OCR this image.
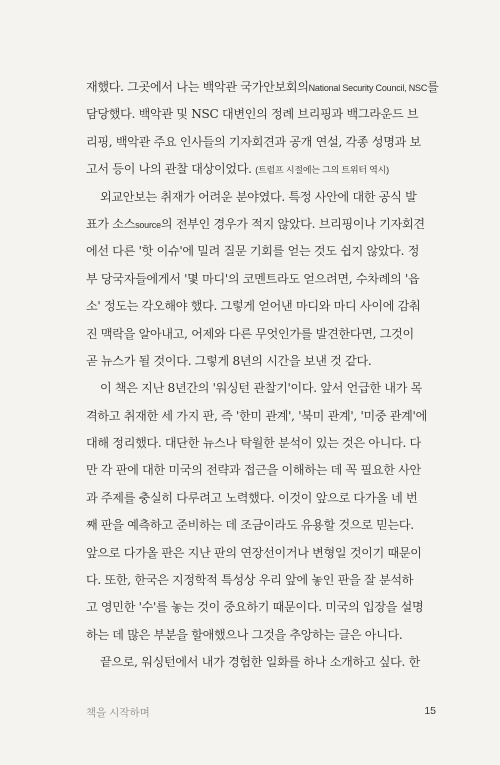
재했다. 그곳에서 나는 백악관 국가안보회의National Security Council, NSC를
담당했다. 백악관 및 NSC 대변인의 정례 브리핑과 백그라운드 브
리핑, 백악관 주요 인사들의 기자회견과 공개 연설, 각종 성명과 보
고서 등이 나의 관찰 대상이었다. (트럼프 시절에는 그의 트위터 역시)
외교안보는 취재가 어려운 분야였다. 특정 사안에 대한 공식 발
표가 소스source의 전부인 경우가 적지 않았다. 브리핑이나 기자회견
에선 다른 '핫 이슈'에 밀려 질문 기회를 얻는 것도 쉽지 않았다. 정
부 당국자들에게서 '몇 마디'의 코멘트라도 얻으려면, 수차례의 '읍
소' 정도는 각오해야 했다. 그렇게 얻어낸 마디와 마디 사이에 감춰
진 맥락을 알아내고, 어제와 다른 무엇인가를 발견한다면, 그것이
곧 뉴스가 될 것이다. 그렇게 8년의 시간을 보낸 것 같다.
이 책은 지난 8년간의 '워싱턴 관찰기'이다. 앞서 언급한 내가 목
격하고 취재한 세 가지 판, 즉 '한미 관계', '북미 관계', '미중 관계'에
대해 정리했다. 대단한 뉴스나 탁월한 분석이 있는 것은 아니다. 다
만 각 판에 대한 미국의 전략과 접근을 이해하는 데 꼭 필요한 사안
과 주제를 충실히 다루려고 노력했다. 이것이 앞으로 다가올 네 번
째 판을 예측하고 준비하는 데 조금이라도 유용할 것으로 믿는다.
앞으로 다가올 판은 지난 판의 연장선이거나 변형일 것이기 때문이
다. 또한, 한국은 지정학적 특성상 우리 앞에 놓인 판을 잘 분석하
고 영민한 '수'를 놓는 것이 중요하기 때문이다. 미국의 입장을 설명
하는 데 많은 부분을 할애했으나 그것을 추앙하는 글은 아니다.
끝으로, 워싱턴에서 내가 경험한 일화를 하나 소개하고 싶다. 한
책을 시작하며	15
